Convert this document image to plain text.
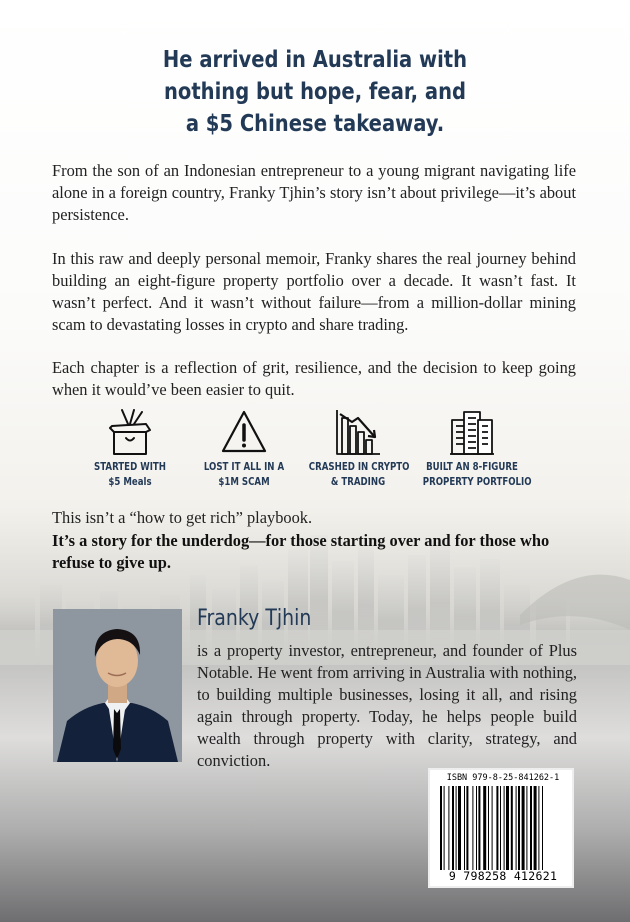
He arrived in Australia with
nothing but hope, fear, and
a $5 Chinese takeaway.

From the son of an Indonesian entrepreneur to a young migrant navigating life alone in a foreign country, Franky Tjhin’s story isn’t about privilege—it’s about persistence.

In this raw and deeply personal memoir, Franky shares the real journey behind building an eight-figure property portfolio over a decade. It wasn’t fast. It wasn’t perfect. And it wasn’t without failure—from a million-dollar mining scam to devastating losses in crypto and share trading.

Each chapter is a reflection of grit, resilience, and the decision to keep going when it would’ve been easier to quit.

STARTED WITH
$5 Meals
LOST IT ALL IN A
$1M SCAM
CRASHED IN CRYPTO
& TRADING
BUILT AN 8-FIGURE
PROPERTY PORTFOLIO
This isn’t a “how to get rich” playbook.

It’s a story for the underdog—for those starting over and for those who refuse to give up.

Franky Tjhin

is a property investor, entrepreneur, and founder of Plus Notable. He went from arriving in Australia with nothing, to building multiple businesses, losing it all, and rising again through property. Today, he helps people build wealth through property with clarity, strategy, and conviction.

ISBN 979-8-25-841262-1
9 798258 412621
